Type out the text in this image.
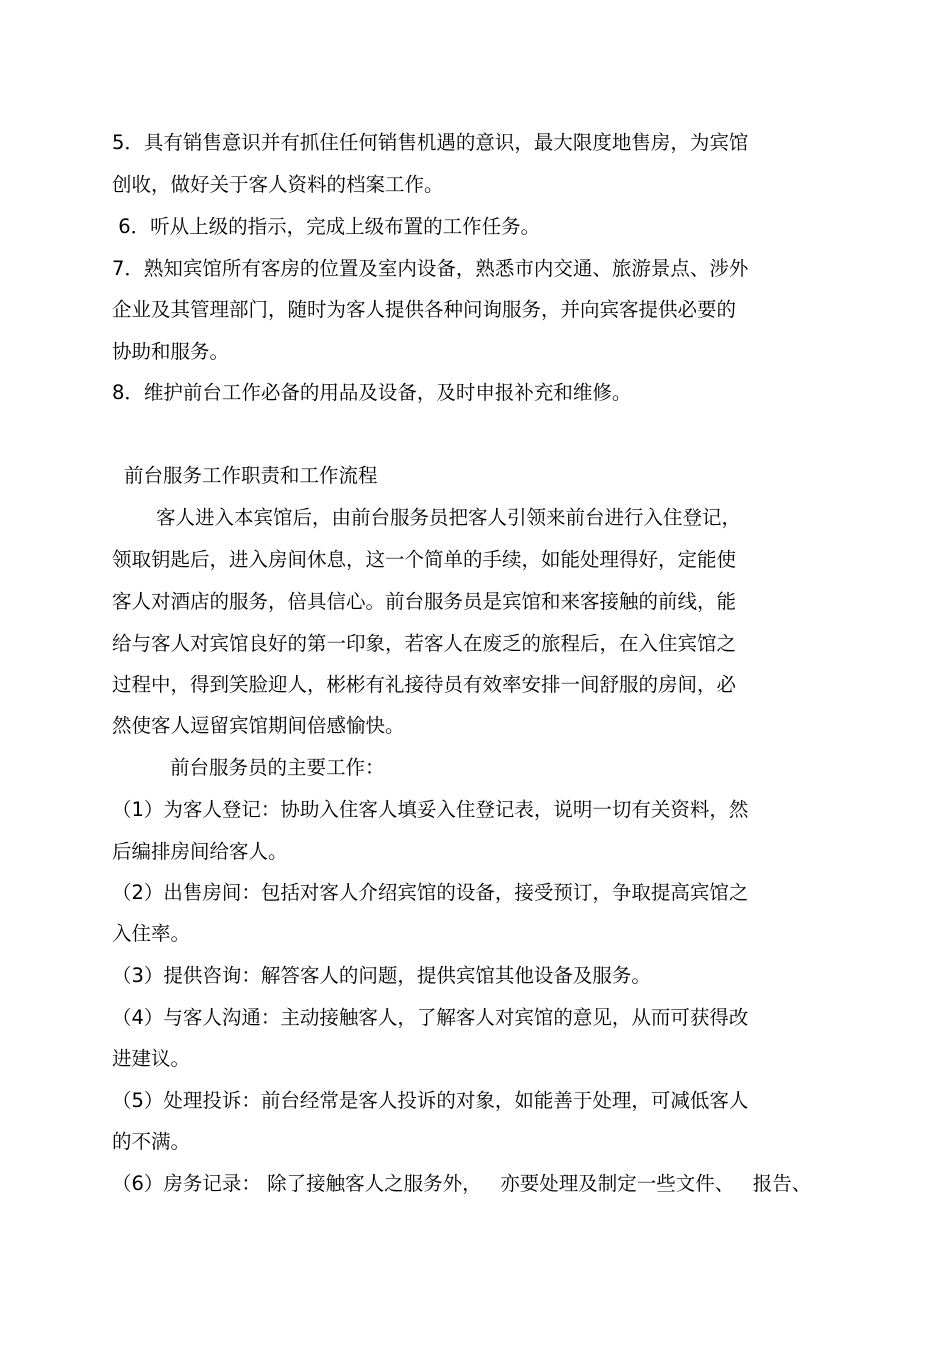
5．具有销售意识并有抓住任何销售机遇的意识，最大限度地售房，为宾馆
创收，做好关于客人资料的档案工作。
6．听从上级的指示，完成上级布置的工作任务。
7．熟知宾馆所有客房的位置及室内设备，熟悉市内交通、旅游景点、涉外
企业及其管理部门，随时为客人提供各种问询服务，并向宾客提供必要的
协助和服务。
8．维护前台工作必备的用品及设备，及时申报补充和维修。
前台服务工作职责和工作流程
客人进入本宾馆后，由前台服务员把客人引领来前台进行入住登记，
领取钥匙后，进入房间休息，这一个简单的手续，如能处理得好，定能使
客人对酒店的服务，倍具信心。前台服务员是宾馆和来客接触的前线，能
给与客人对宾馆良好的第一印象，若客人在废乏的旅程后，在入住宾馆之
过程中，得到笑脸迎人，彬彬有礼接待员有效率安排一间舒服的房间，必
然使客人逗留宾馆期间倍感愉快。
前台服务员的主要工作：
（1）为客人登记：协助入住客人填妥入住登记表，说明一切有关资料，然
后编排房间给客人。
（2）出售房间：包括对客人介绍宾馆的设备，接受预订，争取提高宾馆之
入住率。
（3）提供咨询：解答客人的问题，提供宾馆其他设备及服务。
（4）与客人沟通：主动接触客人，了解客人对宾馆的意见，从而可获得改
进建议。
（5）处理投诉：前台经常是客人投诉的对象，如能善于处理，可减低客人
的不满。
（6）房务记录： 除了接触客人之服务外，   亦要处理及制定一些文件、   报告、
